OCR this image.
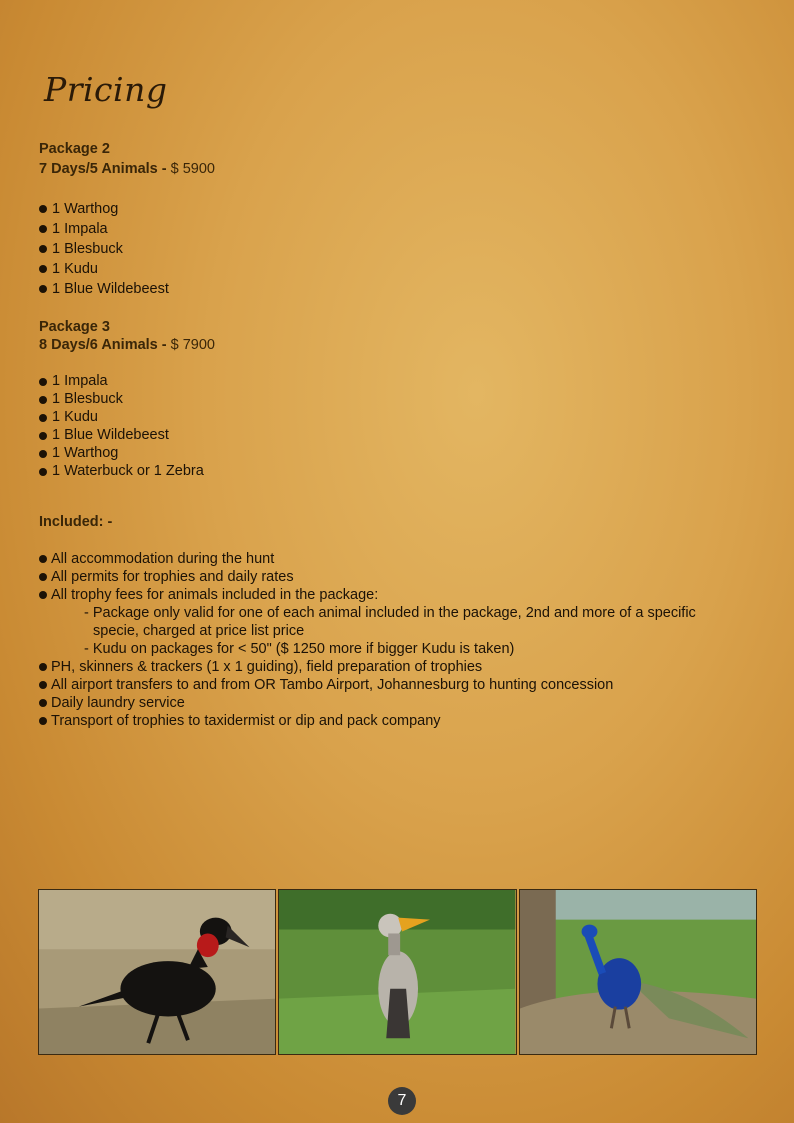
Pricing
Package 2
7 Days/5 Animals - $ 5900
1 Warthog
1 Impala
1 Blesbuck
1 Kudu
1 Blue Wildebeest
Package 3
8 Days/6 Animals - $ 7900
1 Impala
1 Blesbuck
1 Kudu
1 Blue Wildebeest
1 Warthog
1 Waterbuck or 1 Zebra
Included: -
All accommodation during the hunt
All permits for trophies and daily rates
All trophy fees for animals included in the package:
- Package only valid for one of each animal included in the package, 2nd and more of a specific specie, charged at price list price
- Kudu on packages for < 50" ($ 1250 more if bigger Kudu is taken)
PH, skinners & trackers (1 x 1 guiding), field preparation of trophies
All airport transfers to and from OR Tambo Airport, Johannesburg to hunting concession
Daily laundry service
Transport of trophies to taxidermist or dip and pack company
7
